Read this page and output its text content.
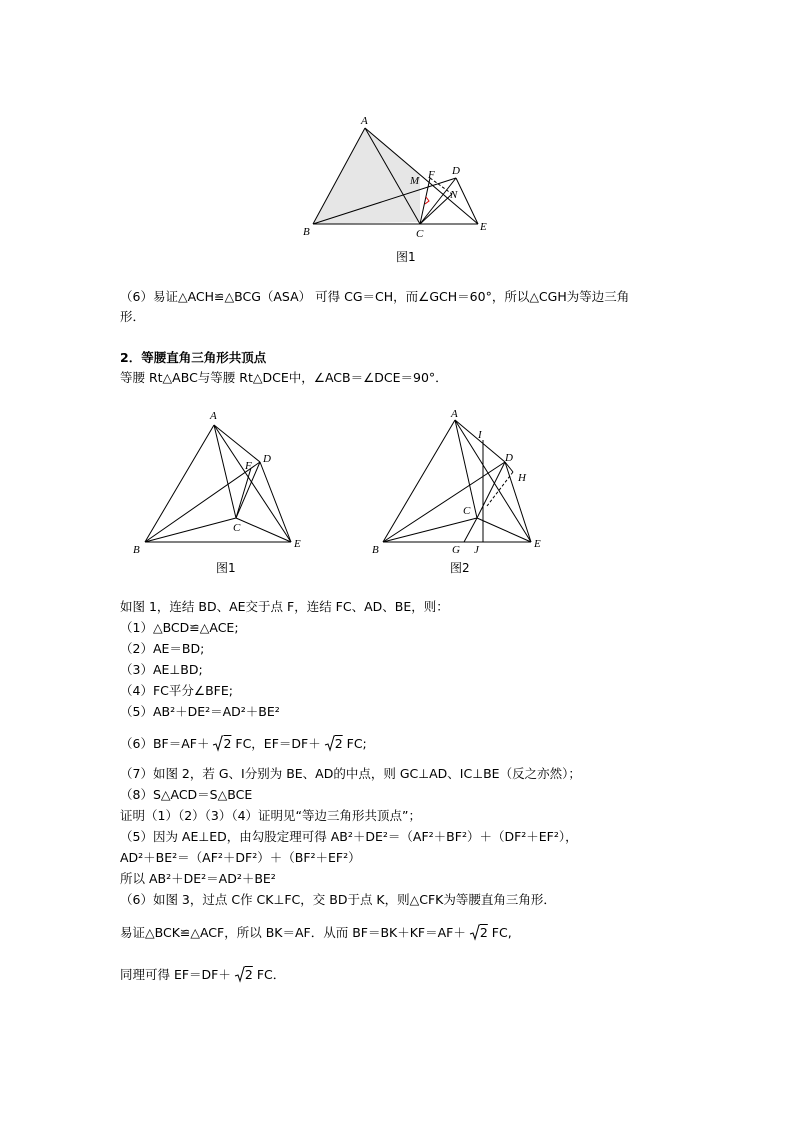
A
B	C
D
E
F
M
N
图1
（6）易证△ACH≌△BCG（ASA） 可得 CG＝CH，而∠GCH＝60°，所以△CGH为等边三角
形．
2．等腰直角三角形共顶点
等腰 Rt△ABC与等腰 Rt△DCE中，∠ACB＝∠DCE＝90°．
A
B
C
D
E
F
图1
A
B
C
D
E
G
H
I
J
图2
如图 1，连结 BD、AE交于点 F，连结 FC、AD、BE，则：
（1）△BCD≌△ACE;
（2）AE＝BD;
（3）AE⊥BD;
（4）FC平分∠BFE;
（5）AB²＋DE²＝AD²＋BE²
（6）BF＝AF＋ 2 FC，EF＝DF＋ 2 FC;
（7）如图 2，若 G、I分别为 BE、AD的中点，则 GC⊥AD、IC⊥BE（反之亦然）；
（8）S△ACD＝S△BCE
证明（1）（2）（3）（4）证明见“等边三角形共顶点”；
（5）因为 AE⊥ED，由勾股定理可得 AB²＋DE²＝（AF²＋BF²）＋（DF²＋EF²），
AD²＋BE²＝（AF²＋DF²）＋（BF²＋EF²）
所以 AB²＋DE²＝AD²＋BE²
（6）如图 3，过点 C作 CK⊥FC，交 BD于点 K，则△CFK为等腰直角三角形．
易证△BCK≌△ACF，所以 BK＝AF．从而 BF＝BK＋KF＝AF＋ 2 FC,
同理可得 EF＝DF＋ 2 FC．
